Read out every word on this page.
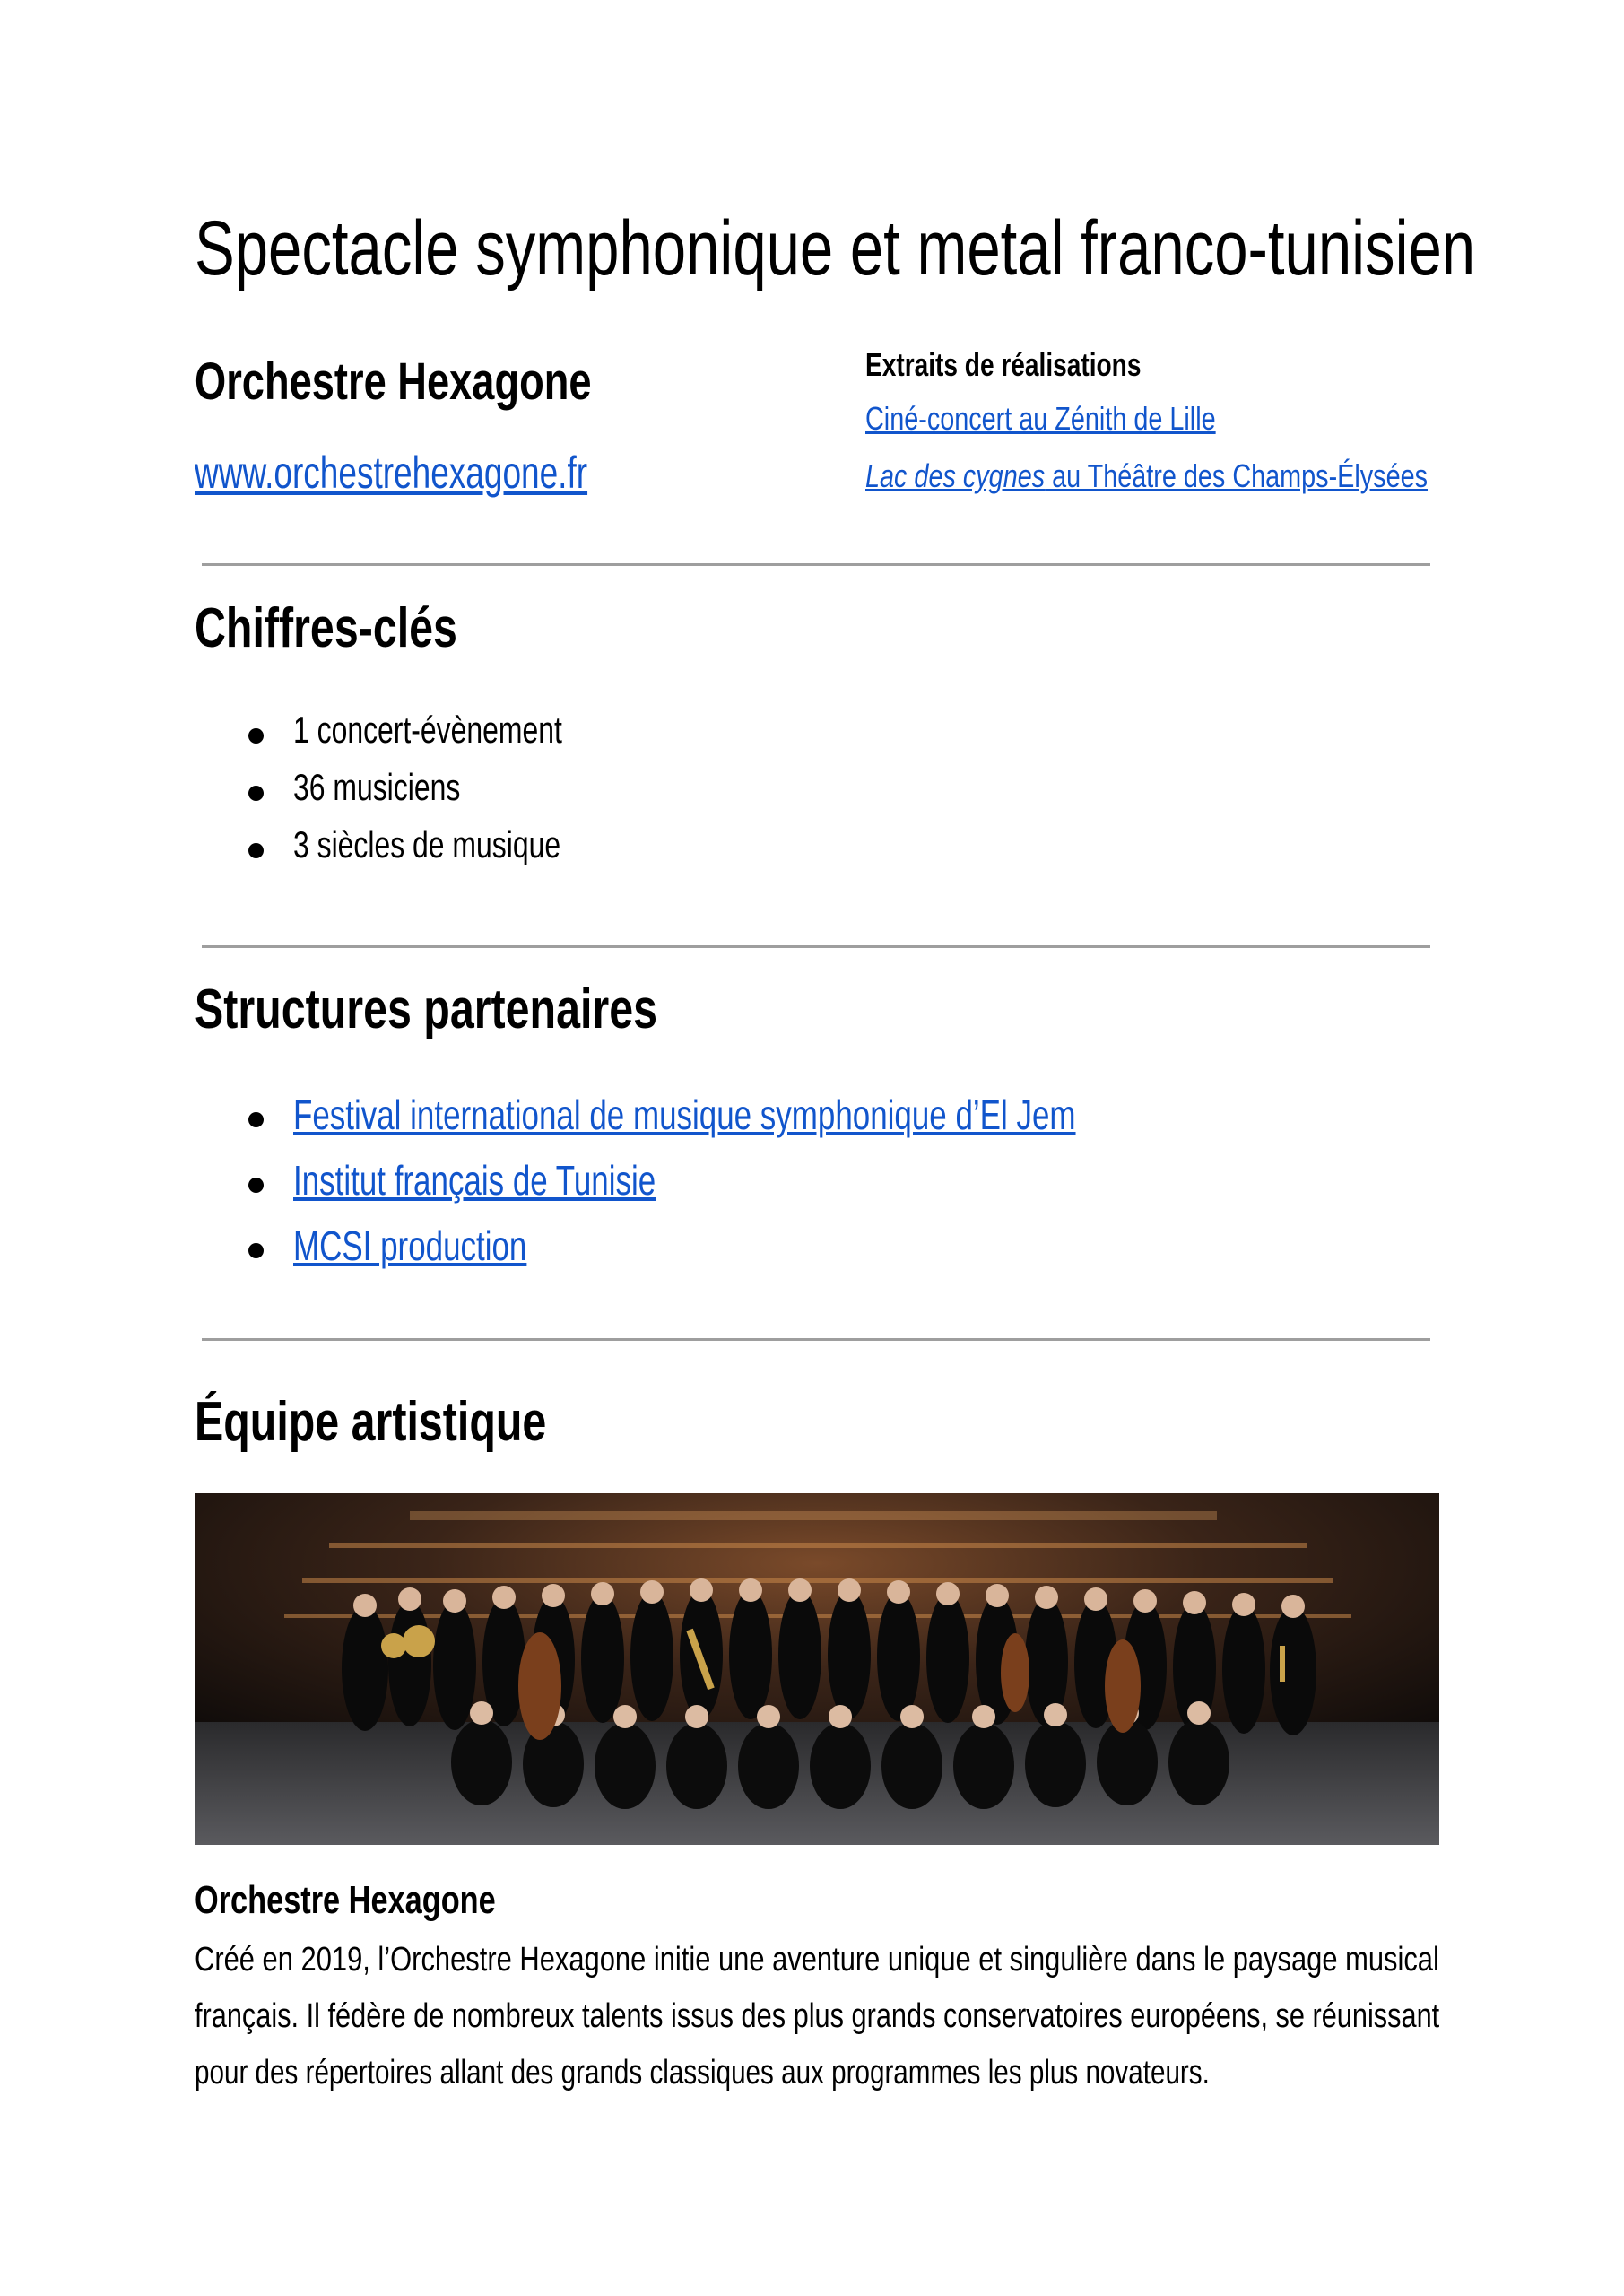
Spectacle symphonique et metal franco-tunisien
Orchestre Hexagone
www.orchestrehexagone.fr
Extraits de réalisations
Ciné-concert au Zénith de Lille
Lac des cygnes au Théâtre des Champs-Élysées
Chiffres-clés
1 concert-évènement
36 musiciens
3 siècles de musique
Structures partenaires
Festival international de musique symphonique d’El Jem
Institut français de Tunisie
MCSI production
Équipe artistique
Orchestre Hexagone
Créé en 2019, l’Orchestre Hexagone initie une aventure unique et singulière dans le paysage musical
français. Il fédère de nombreux talents issus des plus grands conservatoires européens, se réunissant
pour des répertoires allant des grands classiques aux programmes les plus novateurs.
